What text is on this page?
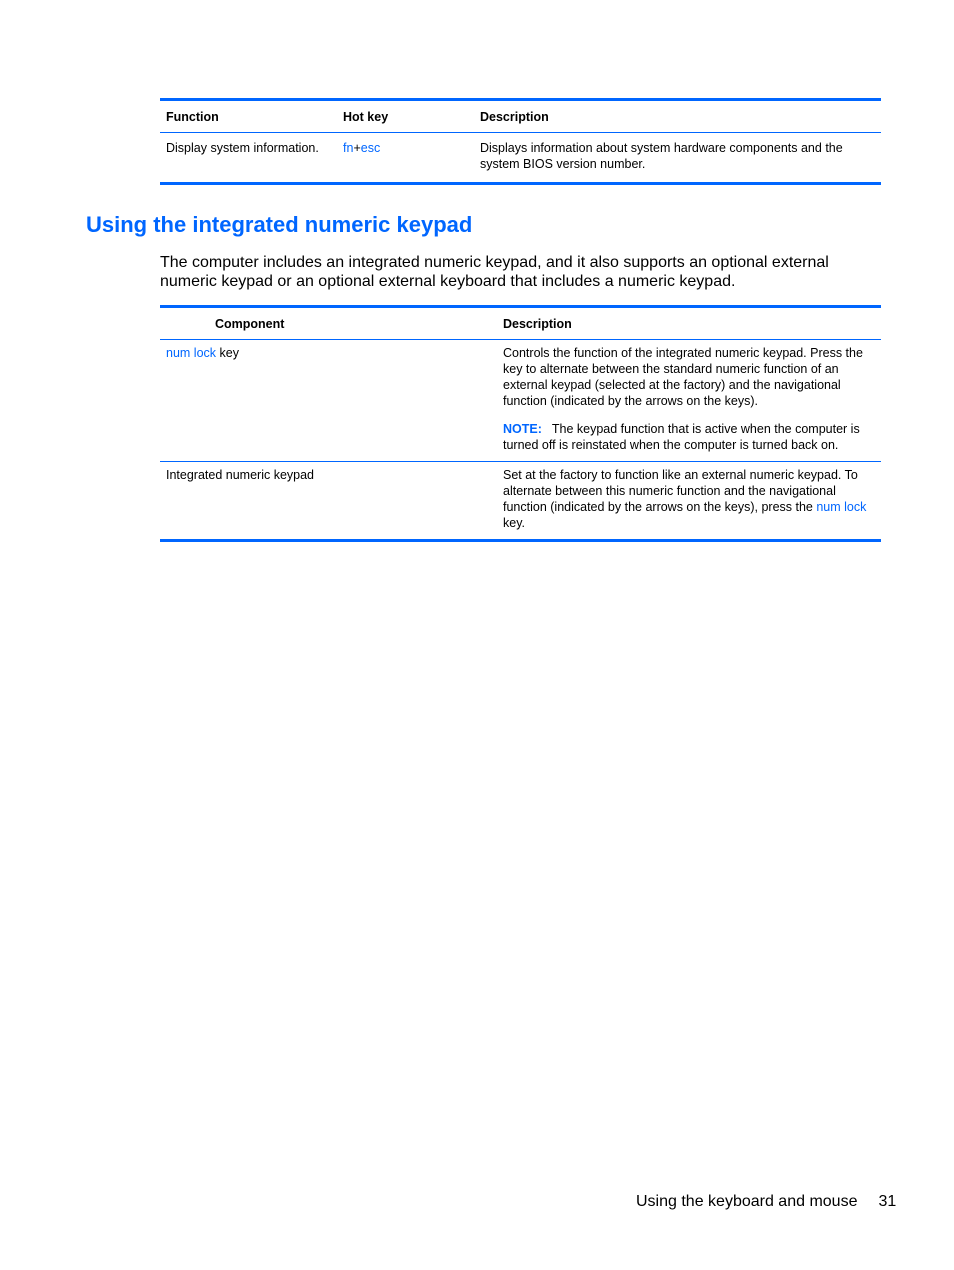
Function	Hot key	Description
Display system information.	fn+esc	Displays information about system hardware components and the system BIOS version number.
Using the integrated numeric keypad

The computer includes an integrated numeric keypad, and it also supports an optional external numeric keypad or an optional external keyboard that includes a numeric keypad.

Component	Description
num lock key	Controls the function of the integrated numeric keypad. Press the key to alternate between the standard numeric function of an external keypad (selected at the factory) and the navigational function (indicated by the arrows on the keys).

NOTE: The keypad function that is active when the computer is turned off is reinstated when the computer is turned back on.

Integrated numeric keypad	Set at the factory to function like an external numeric keypad. To alternate between this numeric function and the navigational function (indicated by the arrows on the keys), press the num lock key.
Using the keyboard and mouse 31
